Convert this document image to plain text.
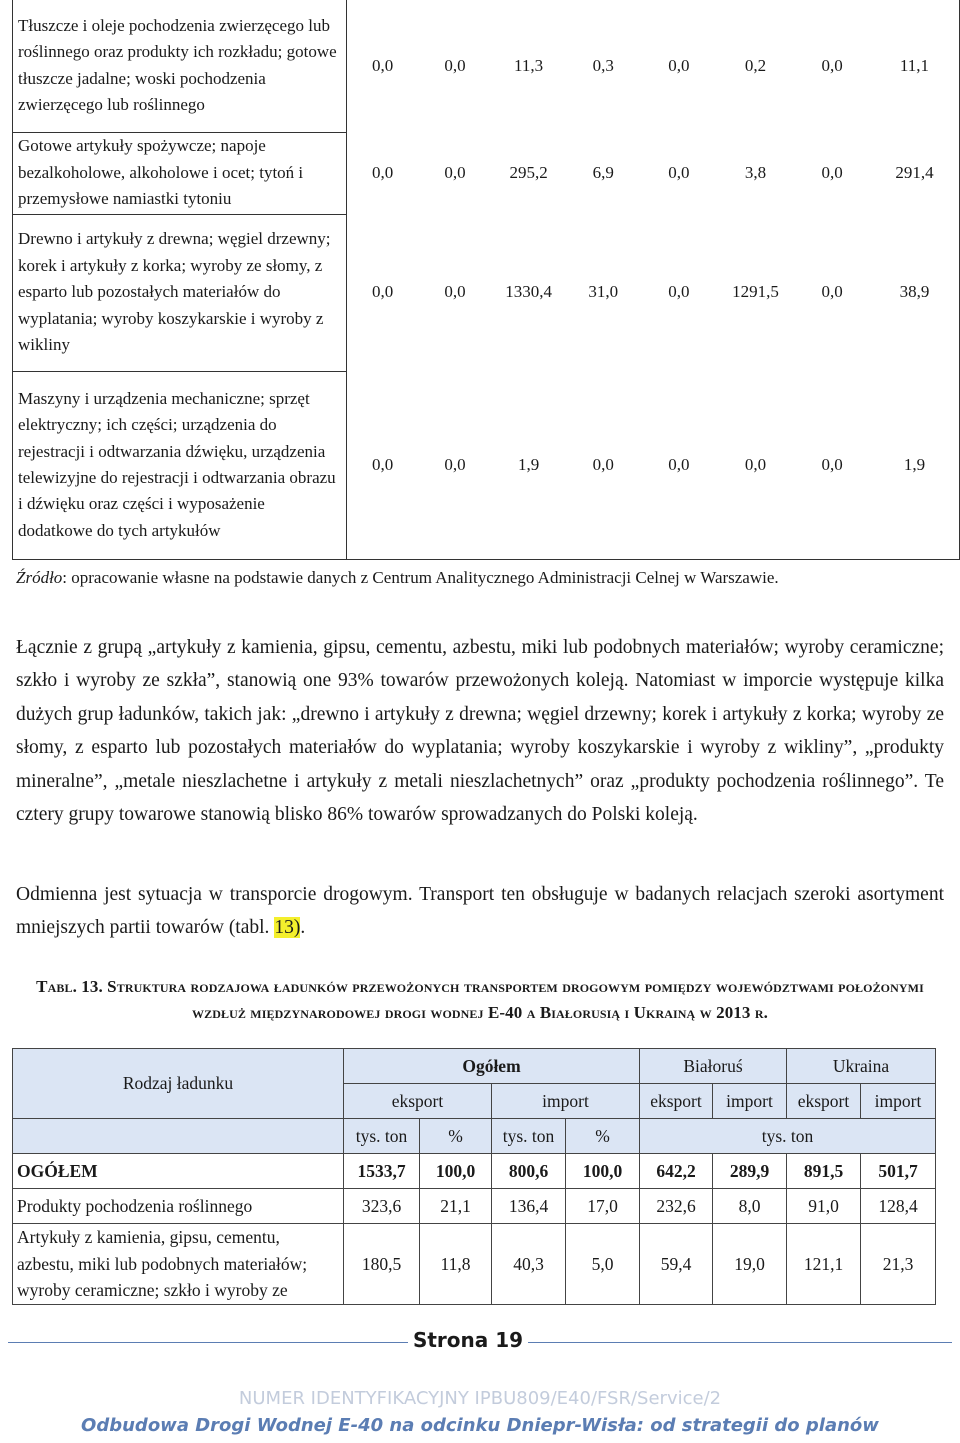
Tłuszcze i oleje pochodzenia zwierzęcego lub roślinnego oraz produkty ich rozkładu; gotowe tłuszcze jadalne; woski pochodzenia zwierzęcego lub roślinnego	0,0	0,0	11,3	0,3	0,0	0,2	0,0	11,1
Gotowe artykuły spożywcze; napoje bezalkoholowe, alkoholowe i ocet; tytoń i przemysłowe namiastki tytoniu	0,0	0,0	295,2	6,9	0,0	3,8	0,0	291,4
Drewno i artykuły z drewna; węgiel drzewny; korek i artykuły z korka; wyroby ze słomy, z esparto lub pozostałych materiałów do wyplatania; wyroby koszykarskie i wyroby z wikliny	0,0	0,0	1330,4	31,0	0,0	1291,5	0,0	38,9
Maszyny i urządzenia mechaniczne; sprzęt elektryczny; ich części; urządzenia do rejestracji i odtwarzania dźwięku, urządzenia telewizyjne do rejestracji i odtwarzania obrazu i dźwięku oraz części i wyposażenie dodatkowe do tych artykułów	0,0	0,0	1,9	0,0	0,0	0,0	0,0	1,9
Źródło: opracowanie własne na podstawie danych z Centrum Analitycznego Administracji Celnej w Warszawie.

Łącznie z grupą „artykuły z kamienia, gipsu, cementu, azbestu, miki lub podobnych materiałów; wyroby ceramiczne; szkło i wyroby ze szkła”, stanowią one 93% towarów przewożonych koleją. Natomiast w imporcie występuje kilka dużych grup ładunków, takich jak: „drewno i artykuły z drewna; węgiel drzewny; korek i artykuły z korka; wyroby ze słomy, z esparto lub pozostałych materiałów do wyplatania; wyroby koszykarskie i wyroby z wikliny”, „produkty mineralne”, „metale nieszlachetne i artykuły z metali nieszlachetnych” oraz „produkty pochodzenia roślinnego”. Te cztery grupy towarowe stanowią blisko 86% towarów sprowadzanych do Polski koleją.

Odmienna jest sytuacja w transporcie drogowym. Transport ten obsługuje w badanych relacjach szeroki asortyment mniejszych partii towarów (tabl. 13).

Tabl. 13. Struktura rodzajowa ładunków przewożonych transportem drogowym pomiędzy województwami położonymi wzdłuż międzynarodowej drogi wodnej E-40 a Białorusią i Ukrainą w 2013 r.
Rodzaj ładunku	Ogółem				Białoruś		Ukraina	
	eksport		import		eksport	import	eksport	import
	tys. ton	%	tys. ton	%	tys. ton			
OGÓŁEM	1533,7	100,0	800,6	100,0	642,2	289,9	891,5	501,7
Produkty pochodzenia roślinnego	323,6	21,1	136,4	17,0	232,6	8,0	91,0	128,4
Artykuły z kamienia, gipsu, cementu, azbestu, miki lub podobnych materiałów; wyroby ceramiczne; szkło i wyroby ze	180,5	11,8	40,3	5,0	59,4	19,0	121,1	21,3
Strona 19
NUMER IDENTYFIKACYJNY IPBU809/E40/FSR/Service/2
Odbudowa Drogi Wodnej E-40 na odcinku Dniepr-Wisła: od strategii do planów
